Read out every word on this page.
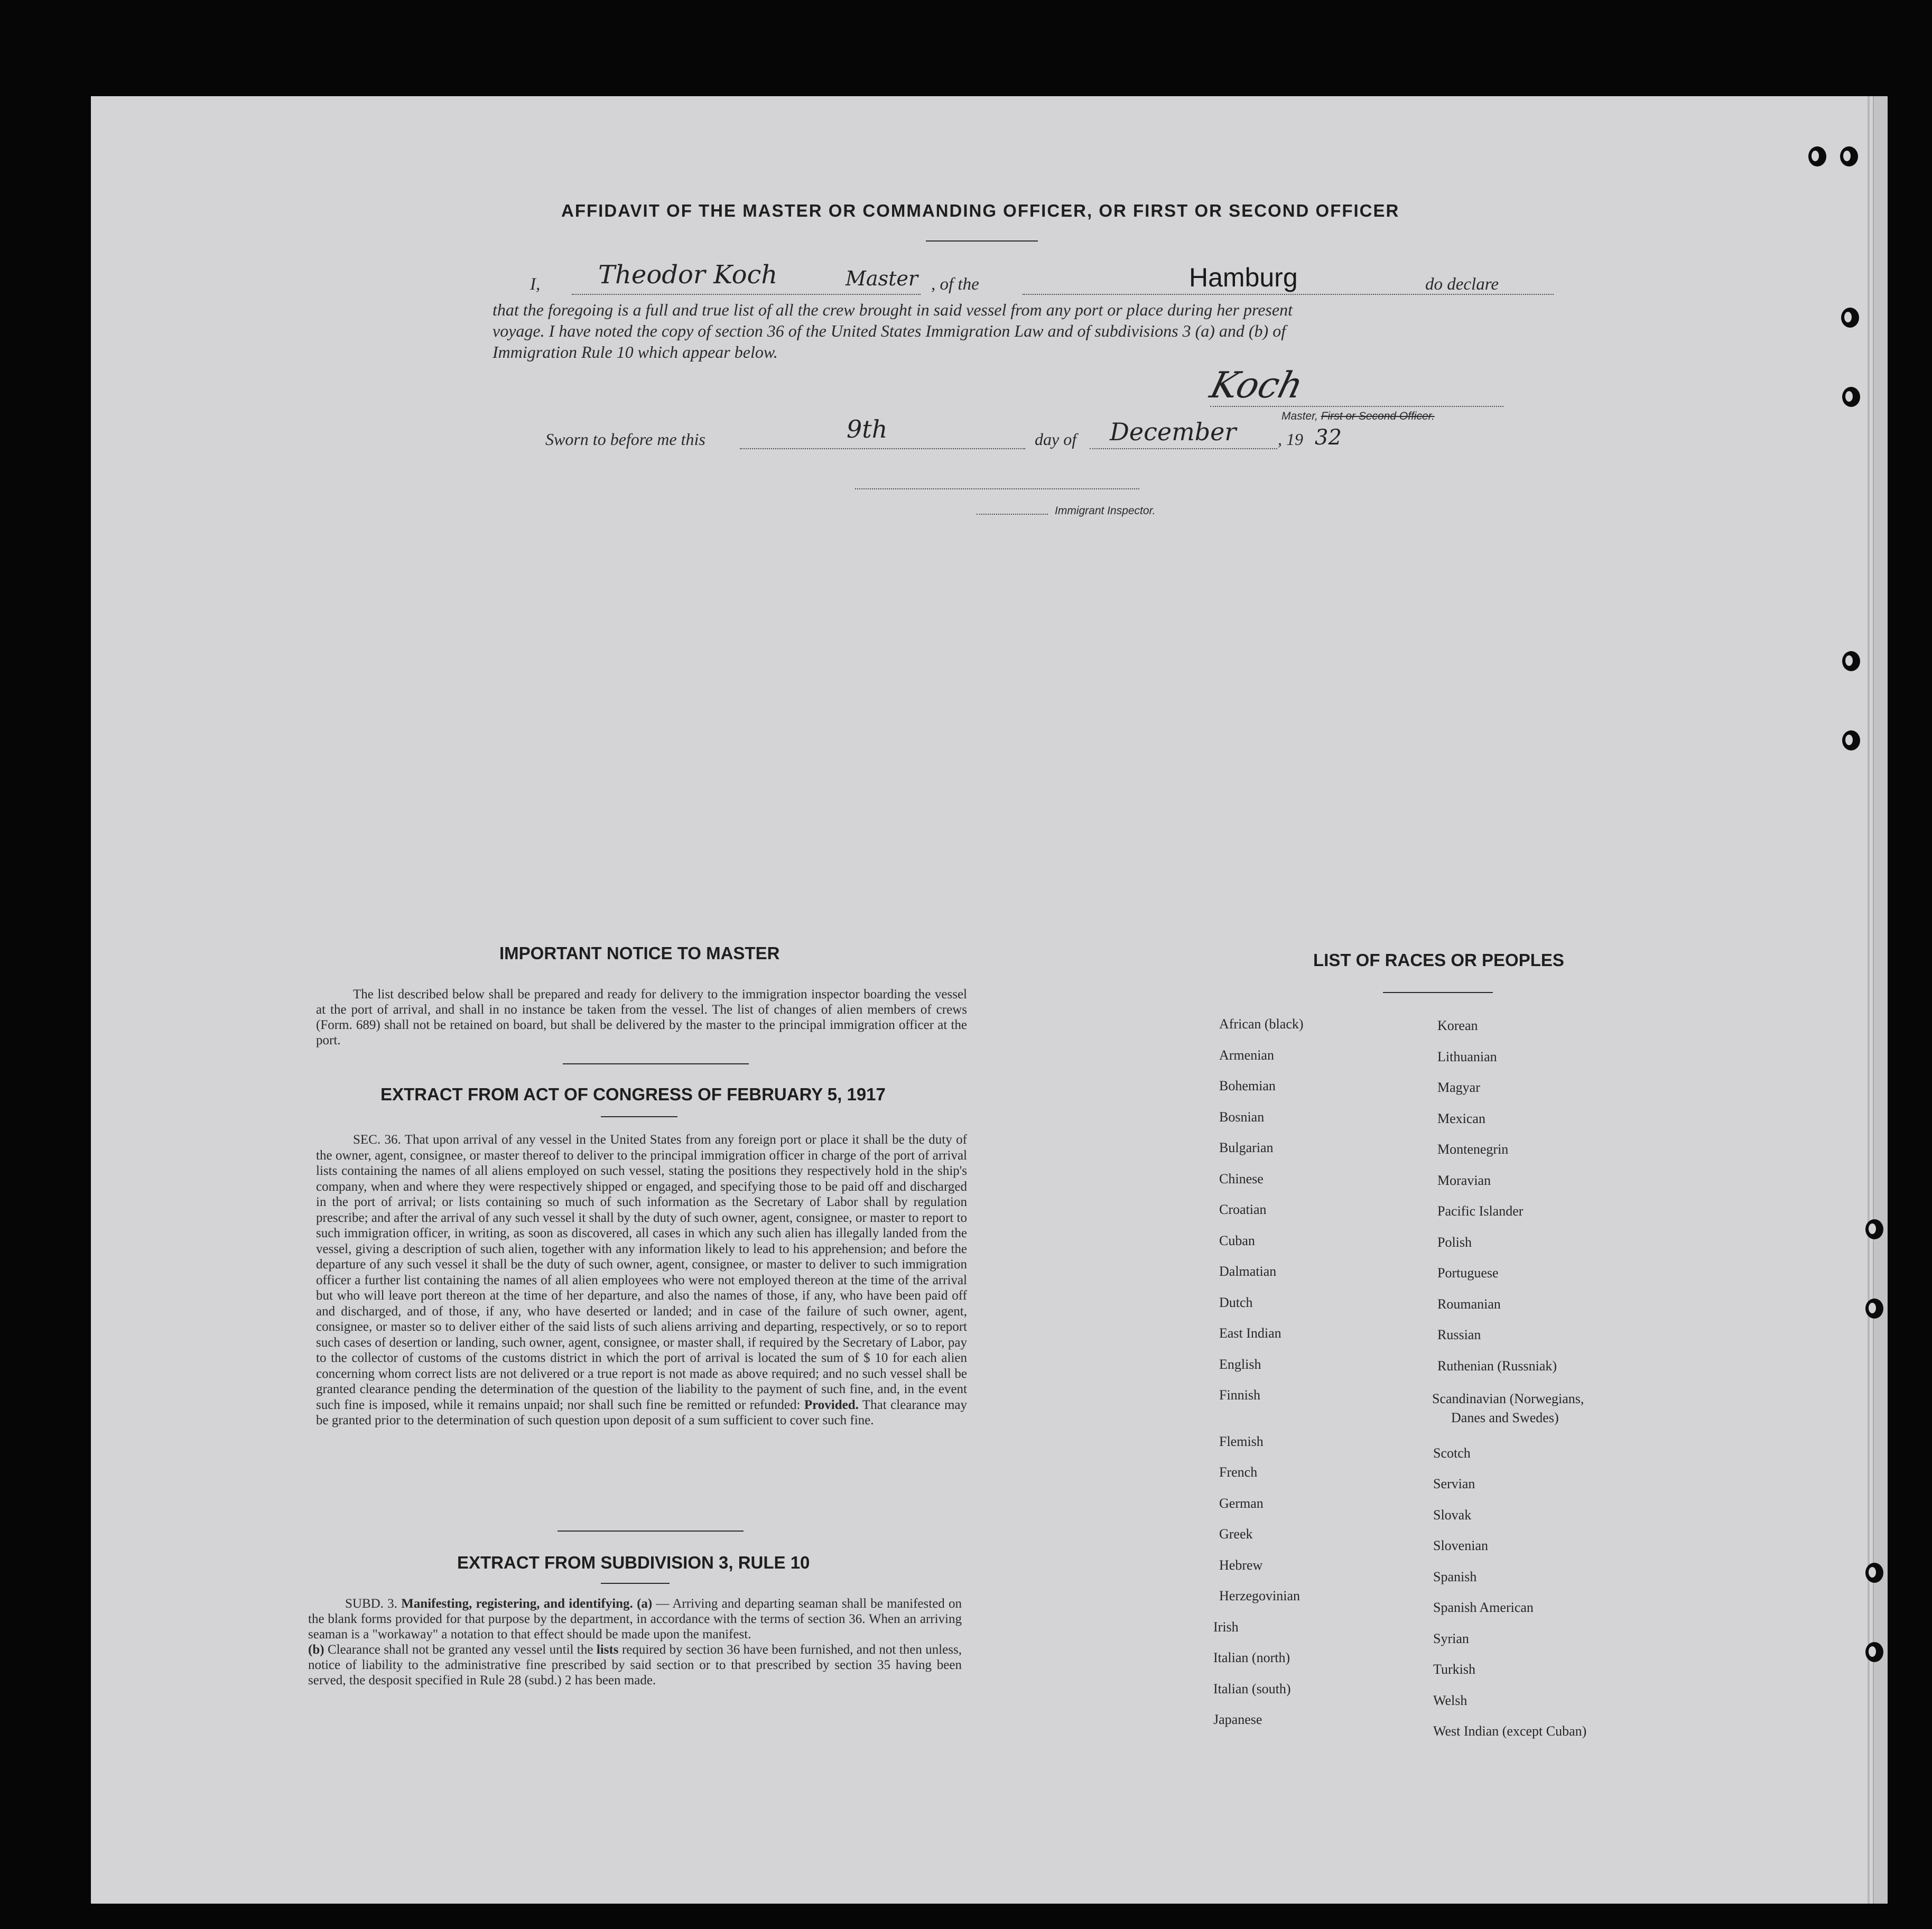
AFFIDAVIT OF THE MASTER OR COMMANDING OFFICER, OR FIRST OR SECOND OFFICER
I, Theodor Koch	Master , of the	Hamburg	do declare
that the foregoing is a full and true list of all the crew brought in said vessel from any port or place during her present
voyage. I have noted the copy of section 36 of the United States Immigration Law and of subdivisions 3 (a) and (b) of
Immigration Rule 10 which appear below.
Koch
Master, First or Second Officer.
Sworn to before me this	9th	day of December , 19 32
Immigrant Inspector.
IMPORTANT NOTICE TO MASTER

The list described below shall be prepared and ready for delivery to the immigration inspector boarding the vessel at the port of arrival, and shall in no instance be taken from the vessel. The list of changes of alien members of crews (Form. 689) shall not be retained on board, but shall be delivered by the master to the principal immigration officer at the port.

EXTRACT FROM ACT OF CONGRESS OF FEBRUARY 5, 1917

SEC. 36. That upon arrival of any vessel in the United States from any foreign port or place it shall be the duty of the owner, agent, consignee, or master thereof to deliver to the principal immigration officer in charge of the port of arrival lists containing the names of all aliens employed on such vessel, stating the positions they respectively hold in the ship's company, when and where they were respectively shipped or engaged, and specifying those to be paid off and discharged in the port of arrival; or lists containing so much of such information as the Secretary of Labor shall by regulation prescribe; and after the arrival of any such vessel it shall by the duty of such owner, agent, consignee, or master to report to such immigration officer, in writing, as soon as discovered, all cases in which any such alien has illegally landed from the vessel, giving a description of such alien, together with any information likely to lead to his apprehension; and before the departure of any such vessel it shall be the duty of such owner, agent, consignee, or master to deliver to such immigration officer a further list containing the names of all alien employees who were not employed thereon at the time of the arrival but who will leave port thereon at the time of her departure, and also the names of those, if any, who have been paid off and discharged, and of those, if any, who have deserted or landed; and in case of the failure of such owner, agent, consignee, or master so to deliver either of the said lists of such aliens arriving and departing, respectively, or so to report such cases of desertion or landing, such owner, agent, consignee, or master shall, if required by the Secretary of Labor, pay to the collector of customs of the customs district in which the port of arrival is located the sum of $ 10 for each alien concerning whom correct lists are not delivered or a true report is not made as above required; and no such vessel shall be granted clearance pending the determination of the question of the liability to the payment of such fine, and, in the event such fine is imposed, while it remains unpaid; nor shall such fine be remitted or refunded: Provided. That clearance may be granted prior to the determination of such question upon deposit of a sum sufficient to cover such fine.

EXTRACT FROM SUBDIVISION 3, RULE 10

SUBD. 3. Manifesting, registering, and identifying. (a) — Arriving and departing seaman shall be manifested on the blank forms provided for that purpose by the department, in accordance with the terms of section 36. When an arriving seaman is a "workaway" a notation to that effect should be made upon the manifest.

(b) Clearance shall not be granted any vessel until the lists required by section 36 have been furnished, and not then unless, notice of liability to the administrative fine prescribed by said section or to that prescribed by section 35 having been served, the desposit specified in Rule 28 (subd.) 2 has been made.

LIST OF RACES OR PEOPLES
African (black)
Armenian
Bohemian
Bosnian
Bulgarian
Chinese
Croatian
Cuban
Dalmatian
Dutch
East Indian
English
Finnish
Flemish
French
German
Greek
Hebrew
Herzegovinian
Irish
Italian (north)
Italian (south)
Japanese
Korean
Lithuanian
Magyar
Mexican
Montenegrin
Moravian
Pacific Islander
Polish
Portuguese
Roumanian
Russian
Ruthenian (Russniak)
Scandinavian (Norwegians,
Danes and Swedes)
Scotch
Servian
Slovak
Slovenian
Spanish
Spanish American
Syrian
Turkish
Welsh
West Indian (except Cuban)
